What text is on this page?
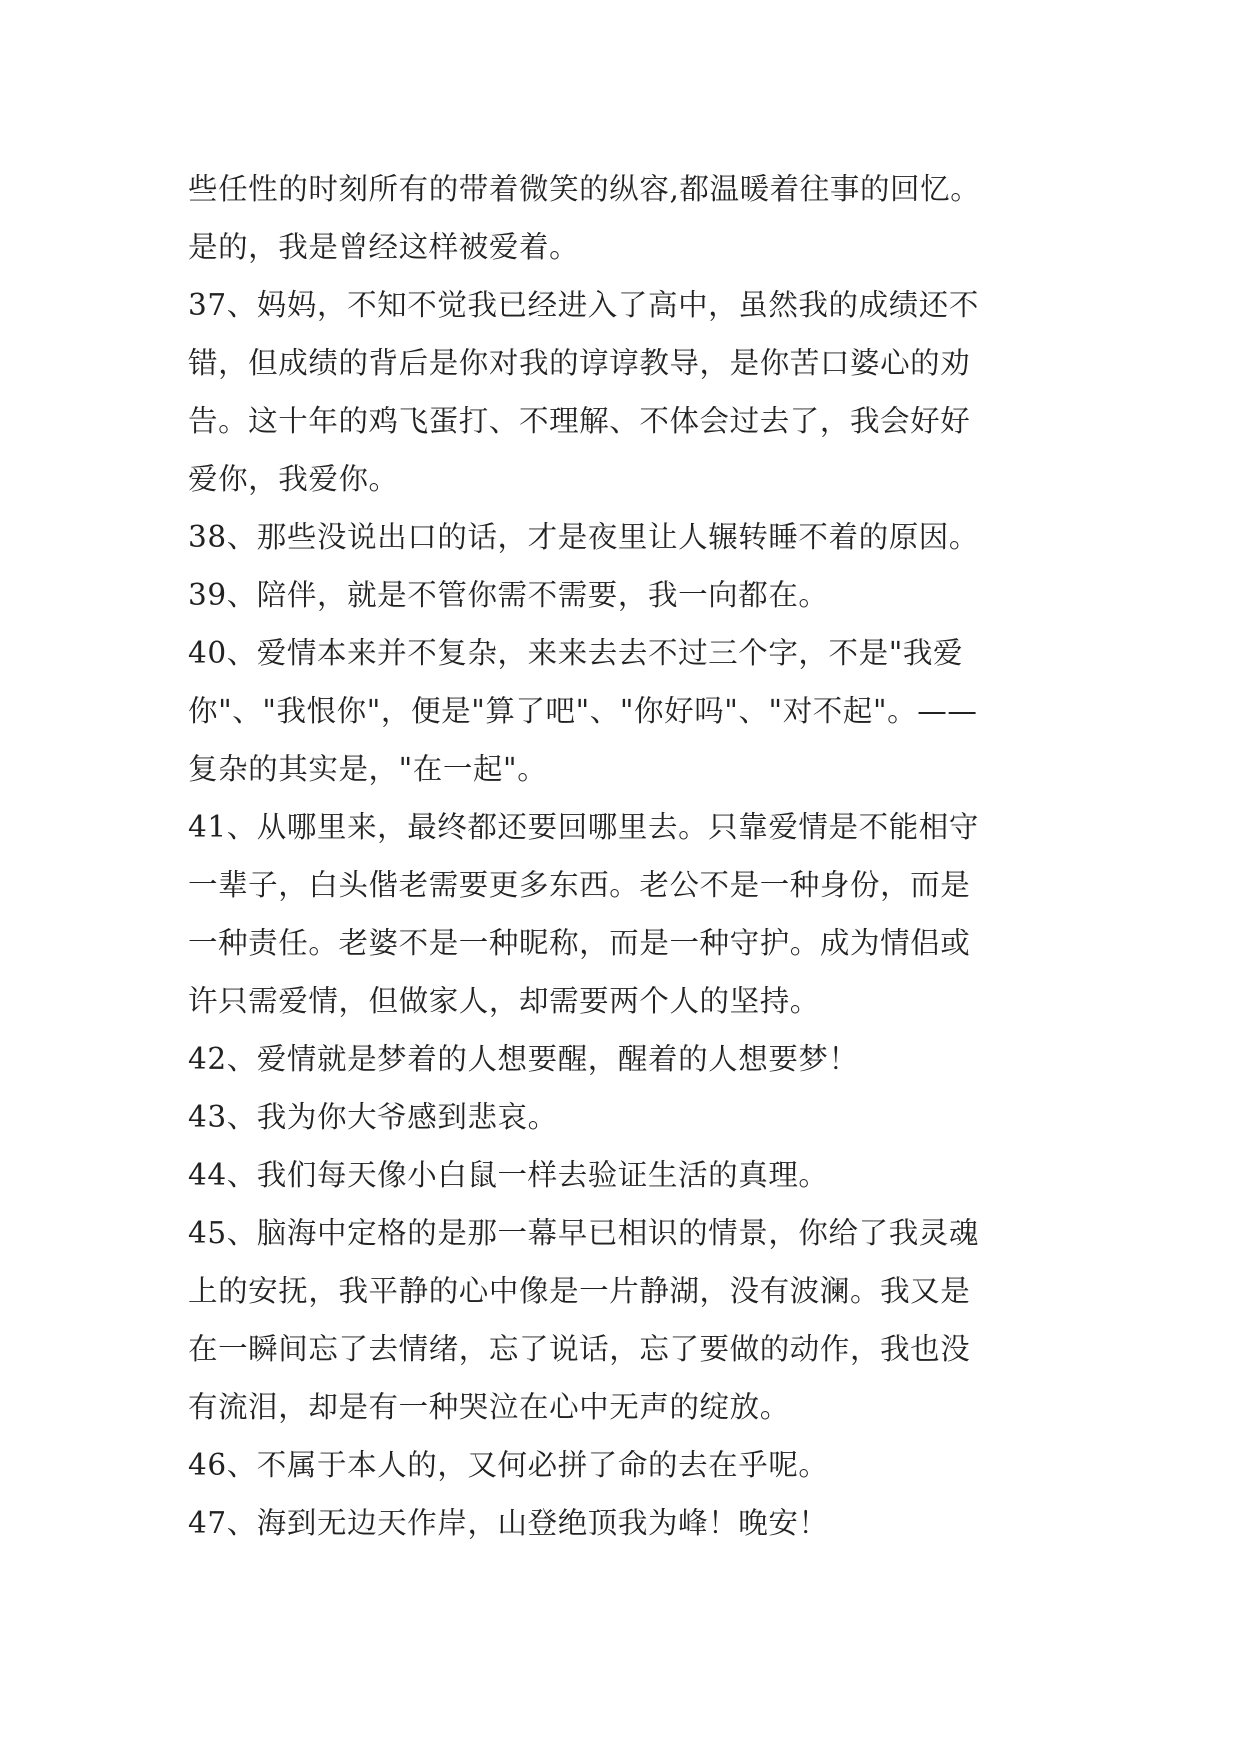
些任性的时刻所有的带着微笑的纵容,都温暖着往事的回忆。
是的，我是曾经这样被爱着。
37、妈妈，不知不觉我已经进入了高中，虽然我的成绩还不
错，但成绩的背后是你对我的谆谆教导，是你苦口婆心的劝
告。这十年的鸡飞蛋打、不理解、不体会过去了，我会好好
爱你，我爱你。
38、那些没说出口的话，才是夜里让人辗转睡不着的原因。
39、陪伴，就是不管你需不需要，我一向都在。
40、爱情本来并不复杂，来来去去不过三个字，不是"我爱
你"、"我恨你"，便是"算了吧"、"你好吗"、"对不起"。——
复杂的其实是，"在一起"。
41、从哪里来，最终都还要回哪里去。只靠爱情是不能相守
一辈子，白头偕老需要更多东西。老公不是一种身份，而是
一种责任。老婆不是一种昵称，而是一种守护。成为情侣或
许只需爱情，但做家人，却需要两个人的坚持。
42、爱情就是梦着的人想要醒，醒着的人想要梦！
43、我为你大爷感到悲哀。
44、我们每天像小白鼠一样去验证生活的真理。
45、脑海中定格的是那一幕早已相识的情景，你给了我灵魂
上的安抚，我平静的心中像是一片静湖，没有波澜。我又是
在一瞬间忘了去情绪，忘了说话，忘了要做的动作，我也没
有流泪，却是有一种哭泣在心中无声的绽放。
46、不属于本人的，又何必拼了命的去在乎呢。
47、海到无边天作岸，山登绝顶我为峰！晚安！
